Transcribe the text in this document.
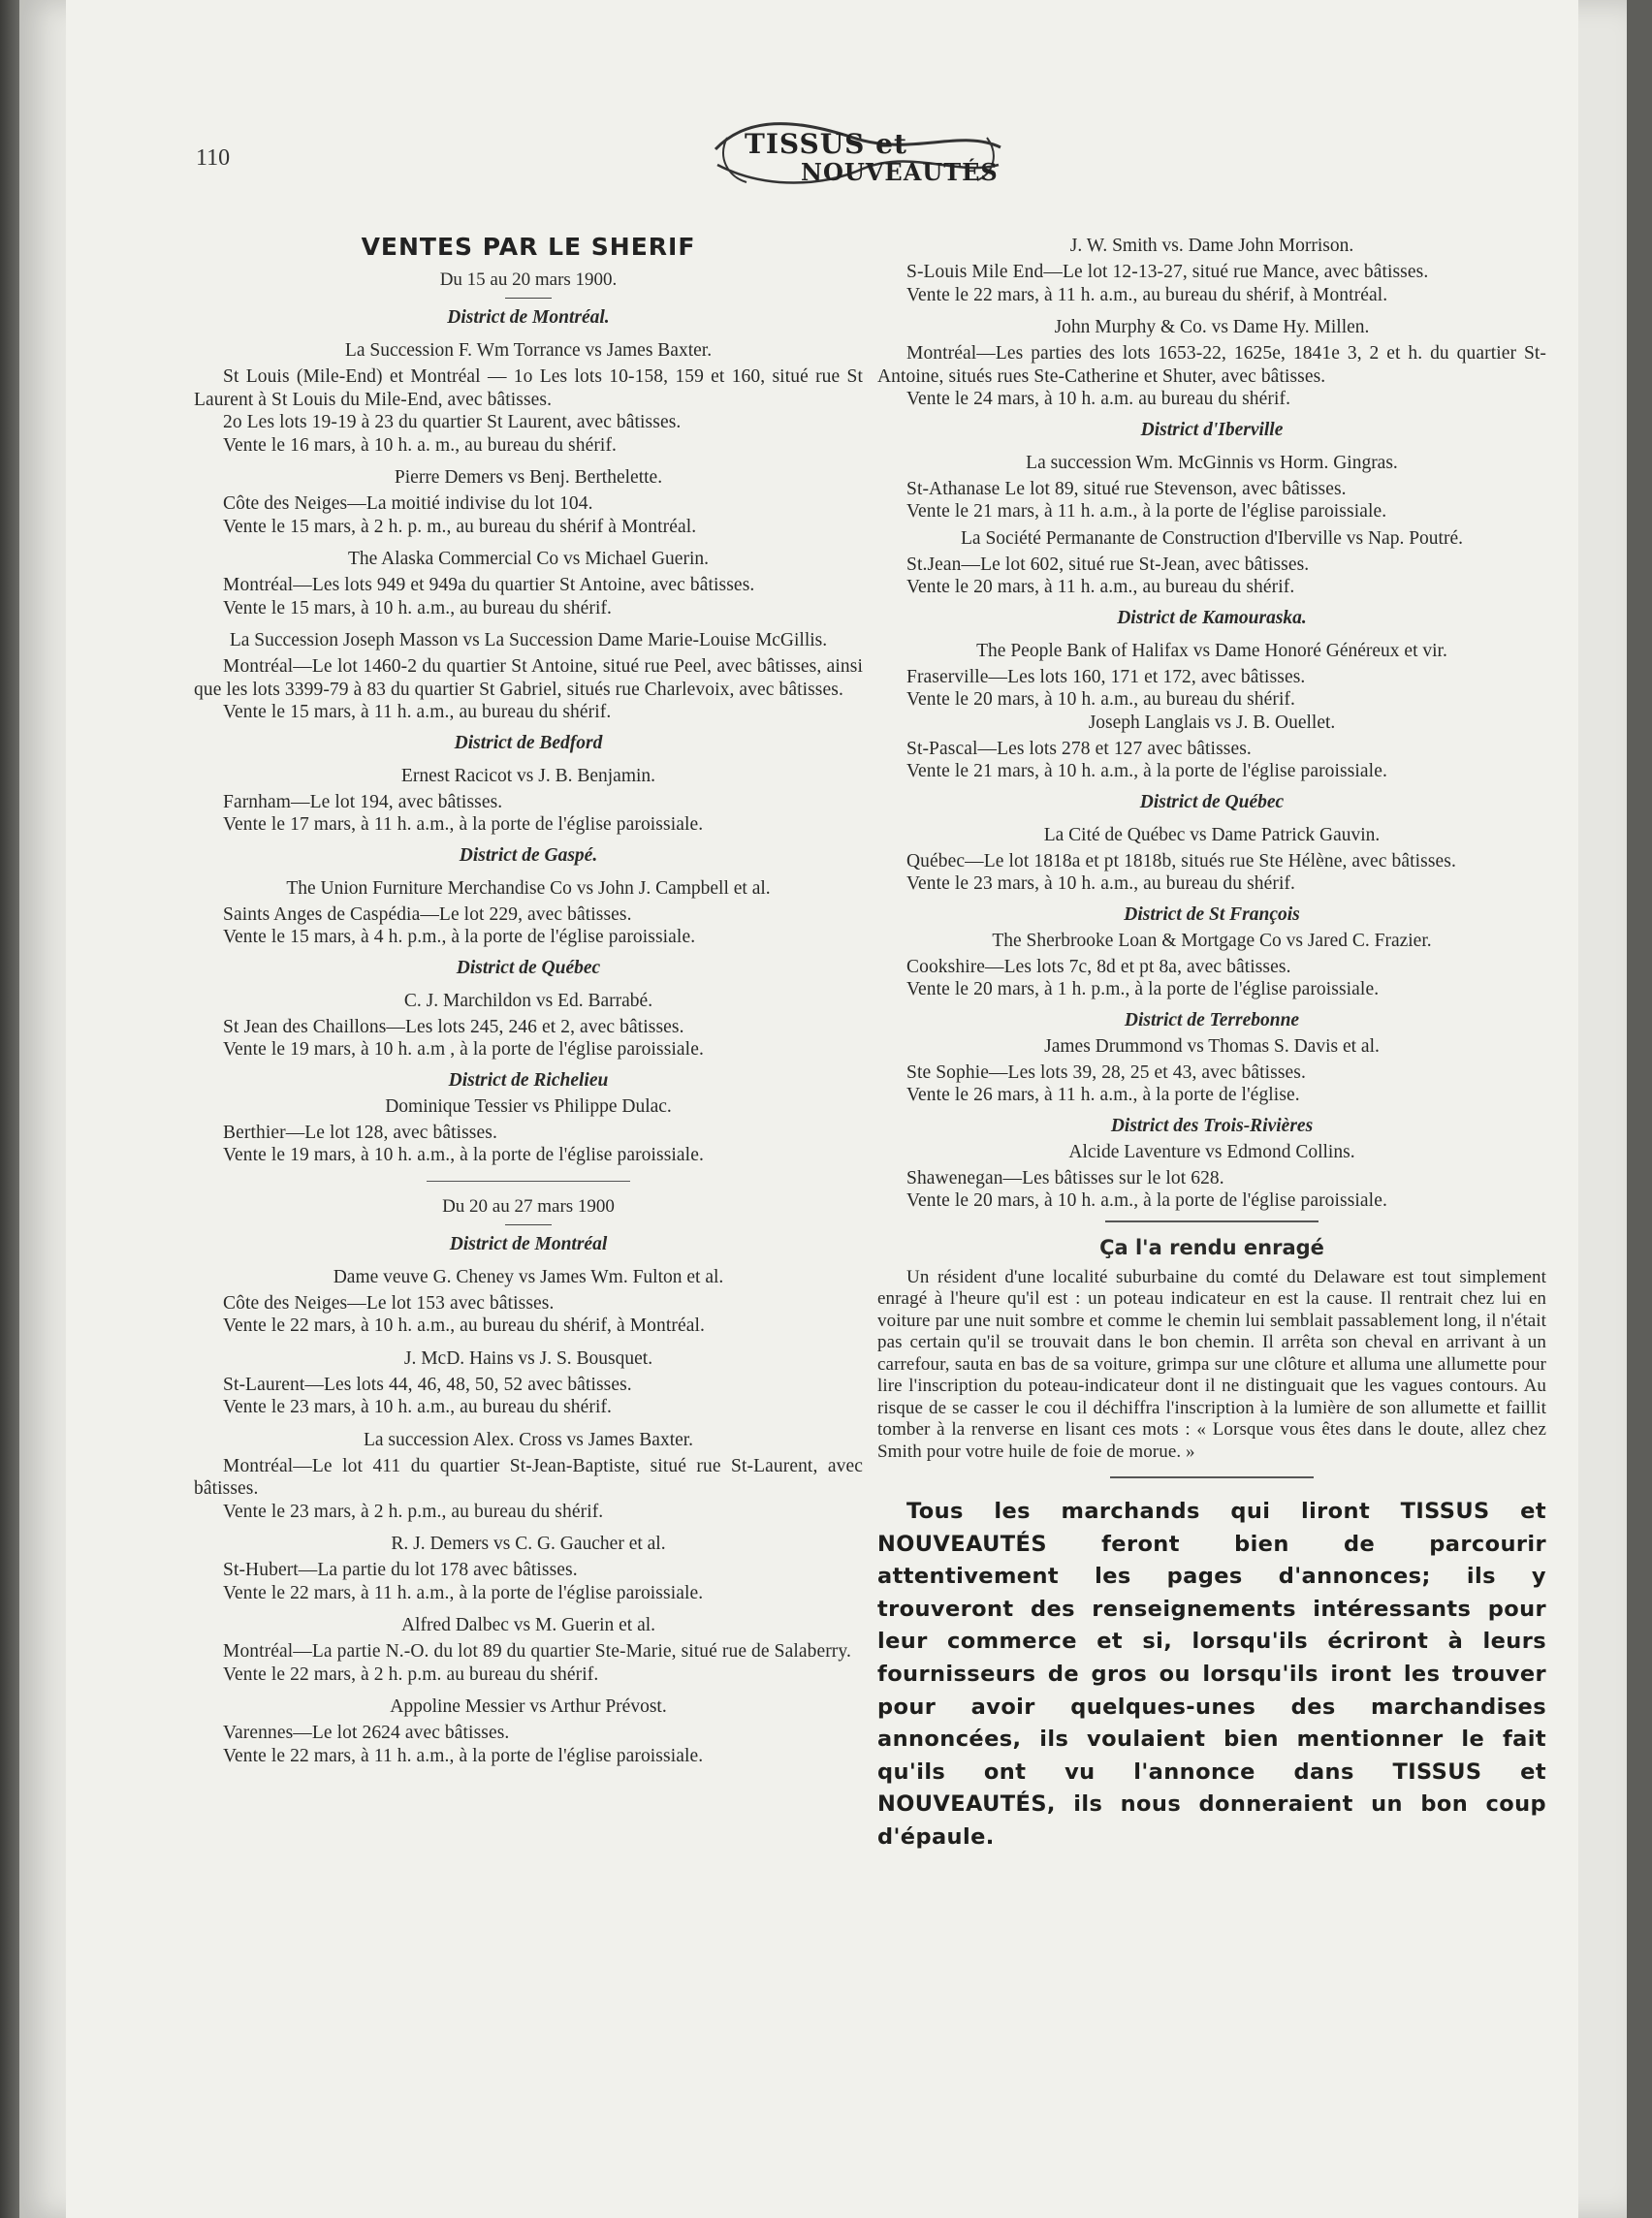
110	TISSUS et
NOUVEAUTÉS
VENTES PAR LE SHERIF
Du 15 au 20 mars 1900.
District de Montréal.
La Succession F. Wm Torrance vs James Baxter.

St Louis (Mile-End) et Montréal — 1o Les lots 10-158, 159 et 160, situé rue St Laurent à St Louis du Mile-End, avec bâtisses.

2o Les lots 19-19 à 23 du quartier St Laurent, avec bâtisses.

Vente le 16 mars, à 10 h. a. m., au bureau du shérif.

Pierre Demers vs Benj. Berthelette.

Côte des Neiges—La moitié indivise du lot 104.

Vente le 15 mars, à 2 h. p. m., au bureau du shérif à Montréal.

The Alaska Commercial Co vs Michael Guerin.

Montréal—Les lots 949 et 949a du quartier St Antoine, avec bâtisses.

Vente le 15 mars, à 10 h. a.m., au bureau du shérif.

La Succession Joseph Masson vs La Succession Dame Marie-Louise McGillis.

Montréal—Le lot 1460-2 du quartier St Antoine, situé rue Peel, avec bâtisses, ainsi que les lots 3399-79 à 83 du quartier St Gabriel, situés rue Charlevoix, avec bâtisses.

Vente le 15 mars, à 11 h. a.m., au bureau du shérif.

District de Bedford
Ernest Racicot vs J. B. Benjamin.

Farnham—Le lot 194, avec bâtisses.

Vente le 17 mars, à 11 h. a.m., à la porte de l'église paroissiale.

District de Gaspé.
The Union Furniture Merchandise Co vs John J. Campbell et al.

Saints Anges de Caspédia—Le lot 229, avec bâtisses.

Vente le 15 mars, à 4 h. p.m., à la porte de l'église paroissiale.

District de Québec
C. J. Marchildon vs Ed. Barrabé.

St Jean des Chaillons—Les lots 245, 246 et 2, avec bâtisses.

Vente le 19 mars, à 10 h. a.m , à la porte de l'église paroissiale.

District de Richelieu
Dominique Tessier vs Philippe Dulac.

Berthier—Le lot 128, avec bâtisses.

Vente le 19 mars, à 10 h. a.m., à la porte de l'église paroissiale.

Du 20 au 27 mars 1900
District de Montréal
Dame veuve G. Cheney vs James Wm. Fulton et al.

Côte des Neiges—Le lot 153 avec bâtisses.

Vente le 22 mars, à 10 h. a.m., au bureau du shérif, à Montréal.

J. McD. Hains vs J. S. Bousquet.

St-Laurent—Les lots 44, 46, 48, 50, 52 avec bâtisses.

Vente le 23 mars, à 10 h. a.m., au bureau du shérif.

La succession Alex. Cross vs James Baxter.

Montréal—Le lot 411 du quartier St-Jean-Baptiste, situé rue St-Laurent, avec bâtisses.

Vente le 23 mars, à 2 h. p.m., au bureau du shérif.

R. J. Demers vs C. G. Gaucher et al.

St-Hubert—La partie du lot 178 avec bâtisses.

Vente le 22 mars, à 11 h. a.m., à la porte de l'église paroissiale.

Alfred Dalbec vs M. Guerin et al.

Montréal—La partie N.-O. du lot 89 du quartier Ste-Marie, situé rue de Salaberry.

Vente le 22 mars, à 2 h. p.m. au bureau du shérif.

Appoline Messier vs Arthur Prévost.

Varennes—Le lot 2624 avec bâtisses.

Vente le 22 mars, à 11 h. a.m., à la porte de l'église paroissiale.

J. W. Smith vs. Dame John Morrison.

S-Louis Mile End—Le lot 12-13-27, situé rue Mance, avec bâtisses.

Vente le 22 mars, à 11 h. a.m., au bureau du shérif, à Montréal.

John Murphy & Co. vs Dame Hy. Millen.

Montréal—Les parties des lots 1653-22, 1625e, 1841e 3, 2 et h. du quartier St-Antoine, situés rues Ste-Catherine et Shuter, avec bâtisses.

Vente le 24 mars, à 10 h. a.m. au bureau du shérif.

District d'Iberville
La succession Wm. McGinnis vs Horm. Gingras.

St-Athanase Le lot 89, situé rue Stevenson, avec bâtisses.

Vente le 21 mars, à 11 h. a.m., à la porte de l'église paroissiale.

La Société Permanante de Construction d'Iberville vs Nap. Poutré.

St.Jean—Le lot 602, situé rue St-Jean, avec bâtisses.

Vente le 20 mars, à 11 h. a.m., au bureau du shérif.

District de Kamouraska.
The People Bank of Halifax vs Dame Honoré Généreux et vir.

Fraserville—Les lots 160, 171 et 172, avec bâtisses.

Vente le 20 mars, à 10 h. a.m., au bureau du shérif.

Joseph Langlais vs J. B. Ouellet.

St-Pascal—Les lots 278 et 127 avec bâtisses.

Vente le 21 mars, à 10 h. a.m., à la porte de l'église paroissiale.

District de Québec
La Cité de Québec vs Dame Patrick Gauvin.

Québec—Le lot 1818a et pt 1818b, situés rue Ste Hélène, avec bâtisses.

Vente le 23 mars, à 10 h. a.m., au bureau du shérif.

District de St François
The Sherbrooke Loan & Mortgage Co vs Jared C. Frazier.

Cookshire—Les lots 7c, 8d et pt 8a, avec bâtisses.

Vente le 20 mars, à 1 h. p.m., à la porte de l'église paroissiale.

District de Terrebonne
James Drummond vs Thomas S. Davis et al.

Ste Sophie—Les lots 39, 28, 25 et 43, avec bâtisses.

Vente le 26 mars, à 11 h. a.m., à la porte de l'église.

District des Trois-Rivières
Alcide Laventure vs Edmond Collins.

Shawenegan—Les bâtisses sur le lot 628.

Vente le 20 mars, à 10 h. a.m., à la porte de l'église paroissiale.

Ça l'a rendu enragé

Un résident d'une localité suburbaine du comté du Delaware est tout simplement enragé à l'heure qu'il est : un poteau indicateur en est la cause. Il rentrait chez lui en voiture par une nuit sombre et comme le chemin lui semblait passablement long, il n'était pas certain qu'il se trouvait dans le bon chemin. Il arrêta son cheval en arrivant à un carrefour, sauta en bas de sa voiture, grimpa sur une clôture et alluma une allumette pour lire l'inscription du poteau-indicateur dont il ne distinguait que les vagues contours. Au risque de se casser le cou il déchiffra l'inscription à la lumière de son allumette et faillit tomber à la renverse en lisant ces mots : « Lorsque vous êtes dans le doute, allez chez Smith pour votre huile de foie de morue. »

Tous les marchands qui liront TISSUS et NOUVEAUTÉS feront bien de parcourir attentivement les pages d'annonces; ils y trouveront des renseignements intéressants pour leur commerce et si, lorsqu'ils écriront à leurs fournisseurs de gros ou lorsqu'ils iront les trouver pour avoir quelques-unes des marchandises annoncées, ils voulaient bien mentionner le fait qu'ils ont vu l'annonce dans TISSUS et NOUVEAUTÉS, ils nous donneraient un bon coup d'épaule.
